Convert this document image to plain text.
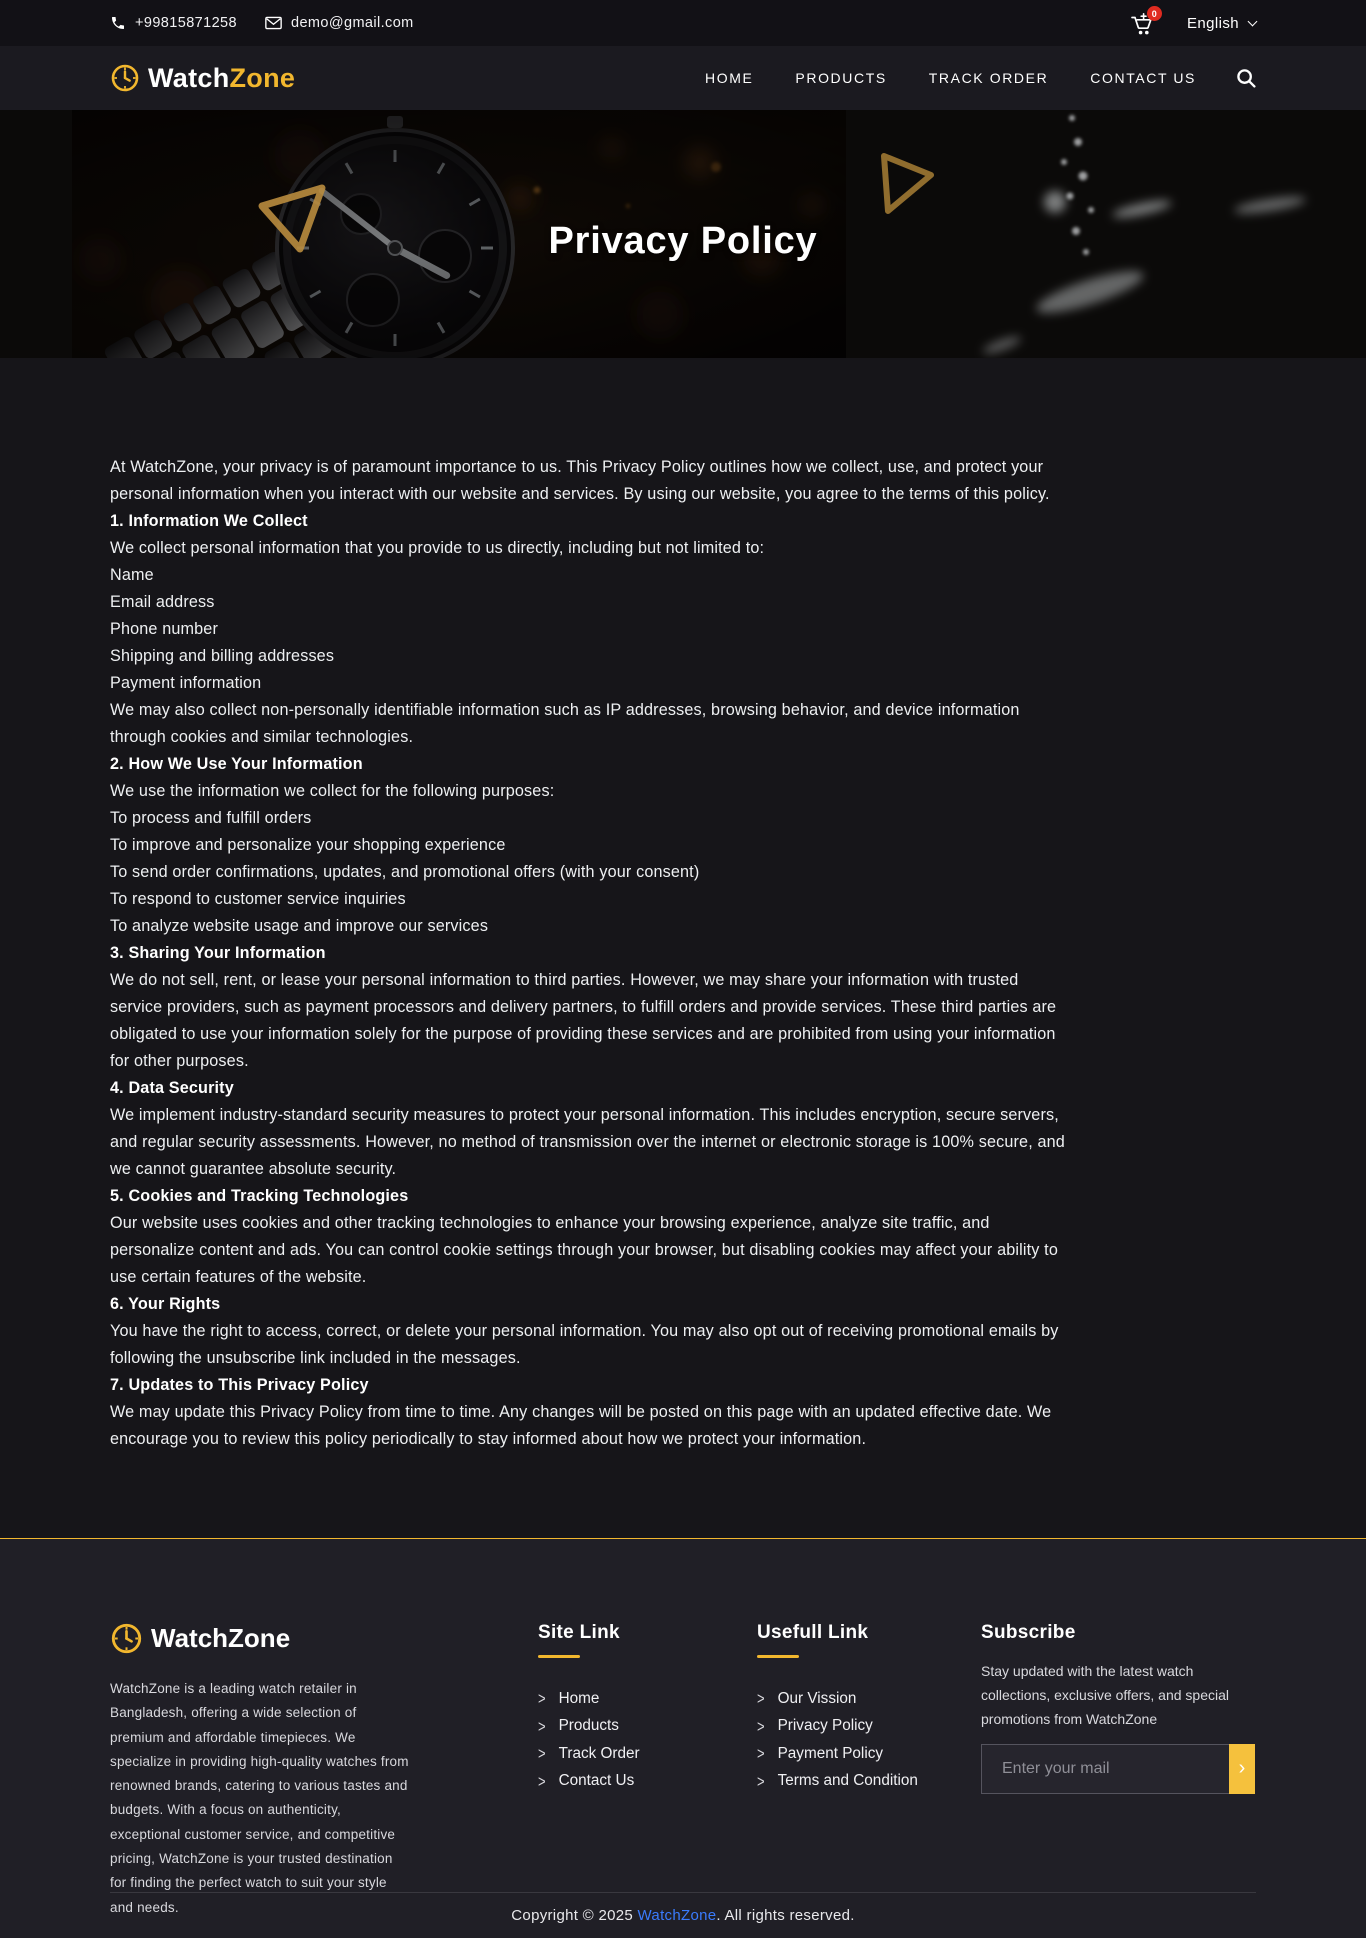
+99815871258	demo@gmail.com
0
English
WatchZone	HOME	PRODUCTS	TRACK ORDER	CONTACT US
Privacy Policy

At WatchZone, your privacy is of paramount importance to us. This Privacy Policy outlines how we collect, use, and protect your personal information when you interact with our website and services. By using our website, you agree to the terms of this policy.

1. Information We Collect

We collect personal information that you provide to us directly, including but not limited to:

Name

Email address

Phone number

Shipping and billing addresses

Payment information

We may also collect non-personally identifiable information such as IP addresses, browsing behavior, and device information through cookies and similar technologies.

2. How We Use Your Information

We use the information we collect for the following purposes:

To process and fulfill orders

To improve and personalize your shopping experience

To send order confirmations, updates, and promotional offers (with your consent)

To respond to customer service inquiries

To analyze website usage and improve our services

3. Sharing Your Information

We do not sell, rent, or lease your personal information to third parties. However, we may share your information with trusted service providers, such as payment processors and delivery partners, to fulfill orders and provide services. These third parties are obligated to use your information solely for the purpose of providing these services and are prohibited from using your information for other purposes.

4. Data Security

We implement industry-standard security measures to protect your personal information. This includes encryption, secure servers, and regular security assessments. However, no method of transmission over the internet or electronic storage is 100% secure, and we cannot guarantee absolute security.

5. Cookies and Tracking Technologies

Our website uses cookies and other tracking technologies to enhance your browsing experience, analyze site traffic, and personalize content and ads. You can control cookie settings through your browser, but disabling cookies may affect your ability to use certain features of the website.

6. Your Rights

You have the right to access, correct, or delete your personal information. You may also opt out of receiving promotional emails by following the unsubscribe link included in the messages.

7. Updates to This Privacy Policy

We may update this Privacy Policy from time to time. Any changes will be posted on this page with an updated effective date. We encourage you to review this policy periodically to stay informed about how we protect your information.

WatchZone

WatchZone is a leading watch retailer in Bangladesh, offering a wide selection of premium and affordable timepieces. We specialize in providing high-quality watches from renowned brands, catering to various tastes and budgets. With a focus on authenticity, exceptional customer service, and competitive pricing, WatchZone is your trusted destination for finding the perfect watch to suit your style and needs.

Site Link
> Home
> Products
> Track Order
> Contact Us
Usefull Link
> Our Vission
> Privacy Policy
> Payment Policy
> Terms and Condition
Subscribe

Stay updated with the latest watch collections, exclusive offers, and special promotions from WatchZone

Enter your mail
›
Copyright © 2025 WatchZone. All rights reserved.
